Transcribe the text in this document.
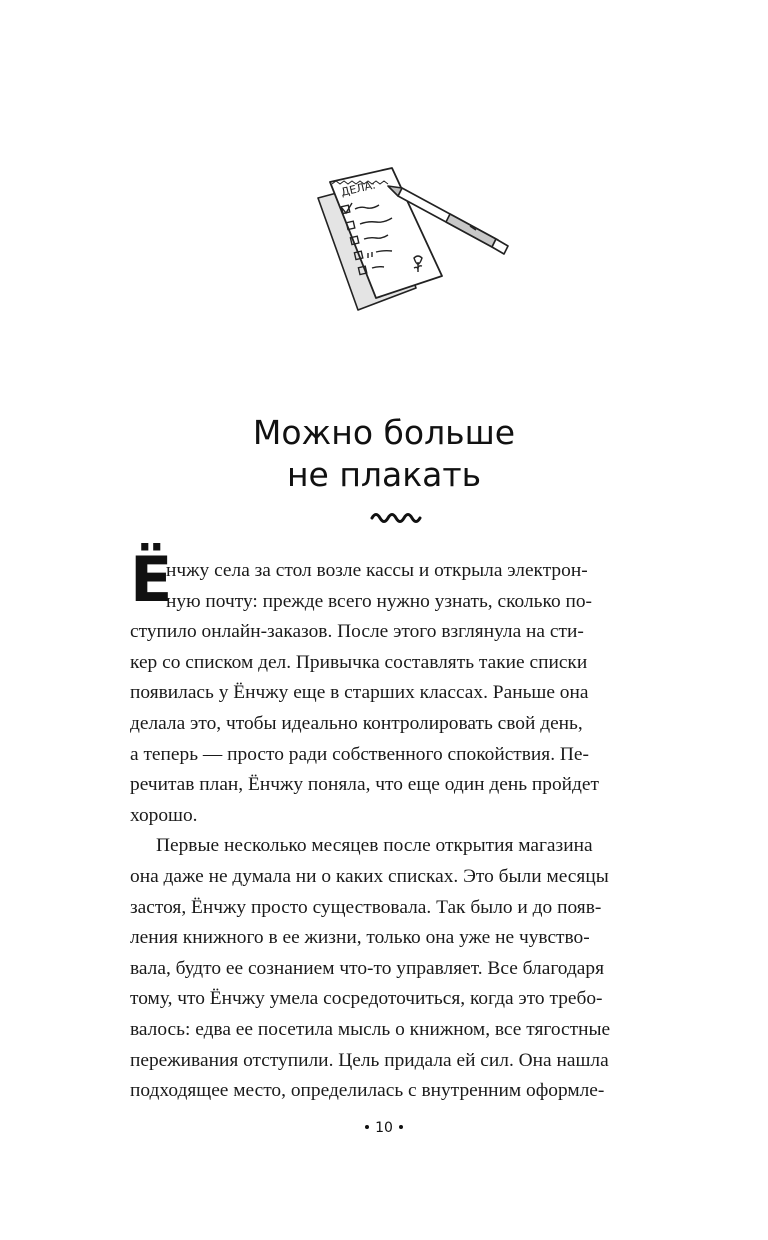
ДЕЛА:
Можно больше
не плакать
Ё
нчжу села за стол возле кассы и открыла электрон-
ную почту: прежде всего нужно узнать, сколько по-
ступило онлайн-заказов. После этого взглянула на сти-
кер со списком дел. Привычка составлять такие списки
появилась у Ёнчжу еще в старших классах. Раньше она
делала это, чтобы идеально контролировать свой день,
а теперь — просто ради собственного спокойствия. Пе-
речитав план, Ёнчжу поняла, что еще один день пройдет
хорошо.
Первые несколько месяцев после открытия магазина
она даже не думала ни о каких списках. Это были месяцы
застоя, Ёнчжу просто существовала. Так было и до появ-
ления книжного в ее жизни, только она уже не чувство-
вала, будто ее сознанием что-то управляет. Все благодаря
тому, что Ёнчжу умела сосредоточиться, когда это требо-
валось: едва ее посетила мысль о книжном, все тягостные
переживания отступили. Цель придала ей сил. Она нашла
подходящее место, определилась с внутренним оформле-
10
